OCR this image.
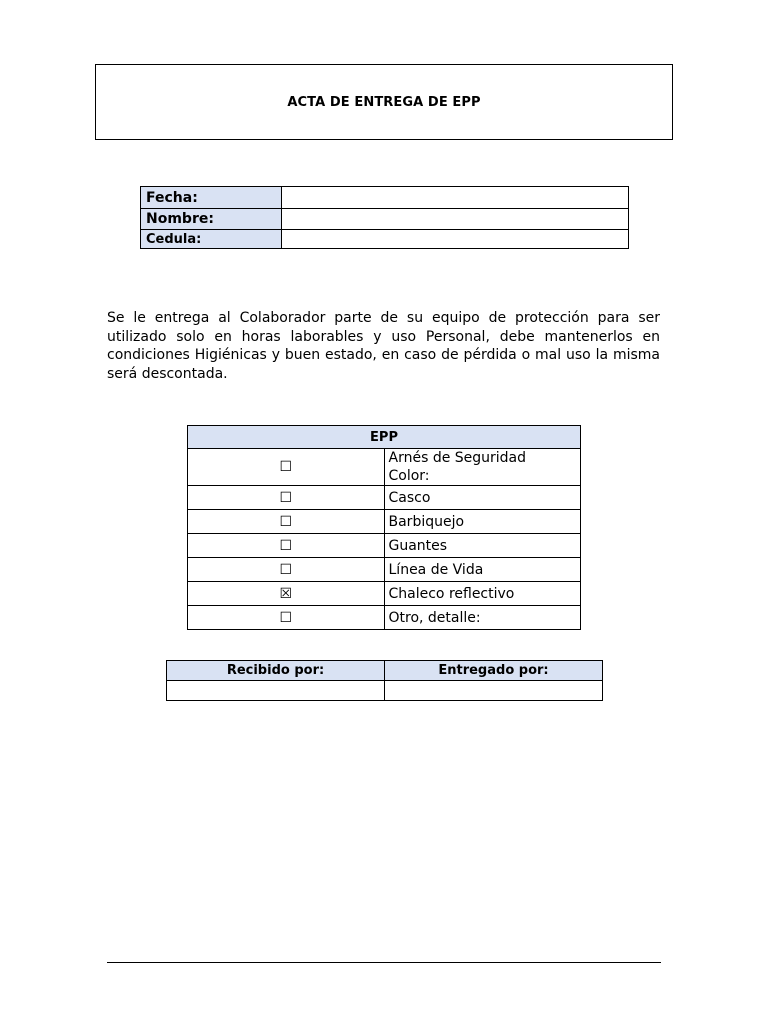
ACTA DE ENTREGA DE EPP
Fecha:	
Nombre:	
Cedula:	
Se le entrega al Colaborador parte de su equipo de protección para ser utilizado solo en horas laborables y uso Personal, debe mantenerlos en condiciones Higiénicas y buen estado, en caso de pérdida o mal uso la misma será descontada.
EPP	
☐	Arnés de Seguridad
Color:

☐	Casco
☐	Barbiquejo
☐	Guantes
☐	Línea de Vida
☒	Chaleco reflectivo
☐	Otro, detalle:
Recibido por:	Entregado por:
